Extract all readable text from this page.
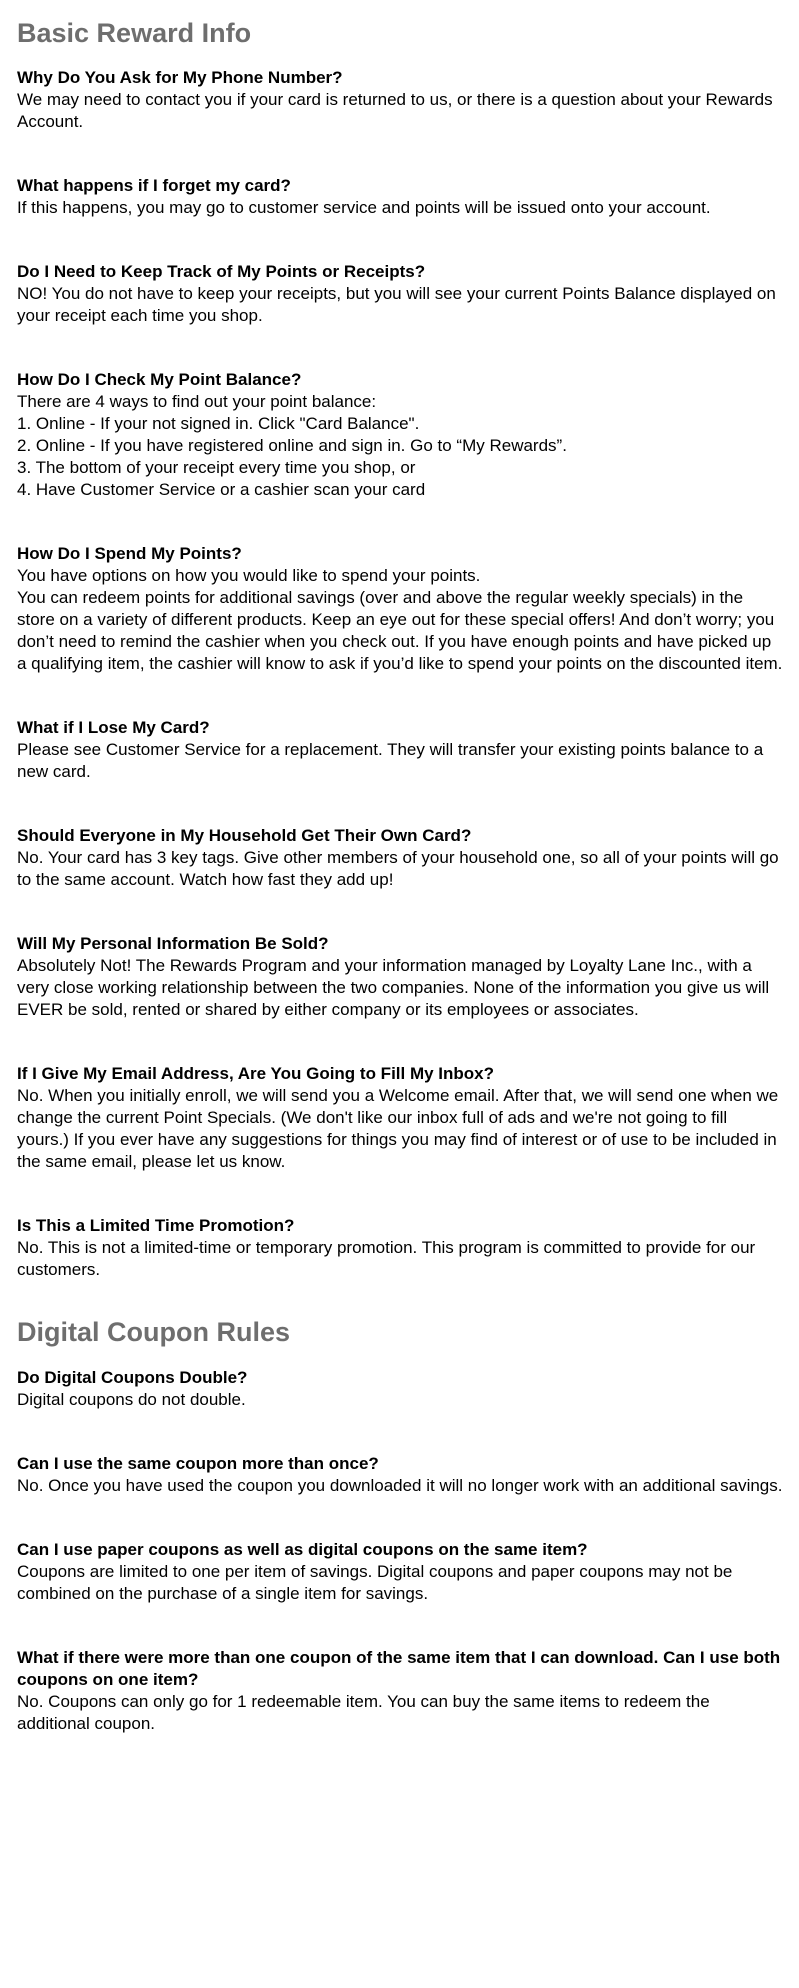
Basic Reward Info

Why Do You Ask for My Phone Number?

We may need to contact you if your card is returned to us, or there is a question about your Rewards Account.

What happens if I forget my card?

If this happens, you may go to customer service and points will be issued onto your account.

Do I Need to Keep Track of My Points or Receipts?

NO! You do not have to keep your receipts, but you will see your current Points Balance displayed on your receipt each time you shop.

How Do I Check My Point Balance?

There are 4 ways to find out your point balance:
1. Online - If your not signed in. Click "Card Balance".
2. Online - If you have registered online and sign in. Go to “My Rewards”.
3. The bottom of your receipt every time you shop, or
4. Have Customer Service or a cashier scan your card

How Do I Spend My Points?

You have options on how you would like to spend your points.
You can redeem points for additional savings (over and above the regular weekly specials) in the store on a variety of different products. Keep an eye out for these special offers! And don’t worry; you don’t need to remind the cashier when you check out. If you have enough points and have picked up a qualifying item, the cashier will know to ask if you’d like to spend your points on the discounted item.

What if I Lose My Card?

Please see Customer Service for a replacement. They will transfer your existing points balance to a new card.

Should Everyone in My Household Get Their Own Card?

No. Your card has 3 key tags. Give other members of your household one, so all of your points will go to the same account. Watch how fast they add up!

Will My Personal Information Be Sold?

Absolutely Not! The Rewards Program and your information managed by Loyalty Lane Inc., with a very close working relationship between the two companies. None of the information you give us will EVER be sold, rented or shared by either company or its employees or associates.

If I Give My Email Address, Are You Going to Fill My Inbox?

No. When you initially enroll, we will send you a Welcome email. After that, we will send one when we change the current Point Specials. (We don't like our inbox full of ads and we're not going to fill yours.) If you ever have any suggestions for things you may find of interest or of use to be included in the same email, please let us know.

Is This a Limited Time Promotion?

No. This is not a limited-time or temporary promotion. This program is committed to provide for our customers.

Digital Coupon Rules

Do Digital Coupons Double?

Digital coupons do not double.

Can I use the same coupon more than once?

No. Once you have used the coupon you downloaded it will no longer work with an additional savings.

Can I use paper coupons as well as digital coupons on the same item?

Coupons are limited to one per item of savings. Digital coupons and paper coupons may not be combined on the purchase of a single item for savings.

What if there were more than one coupon of the same item that I can download. Can I use both coupons on one item?

No. Coupons can only go for 1 redeemable item. You can buy the same items to redeem the additional coupon.
